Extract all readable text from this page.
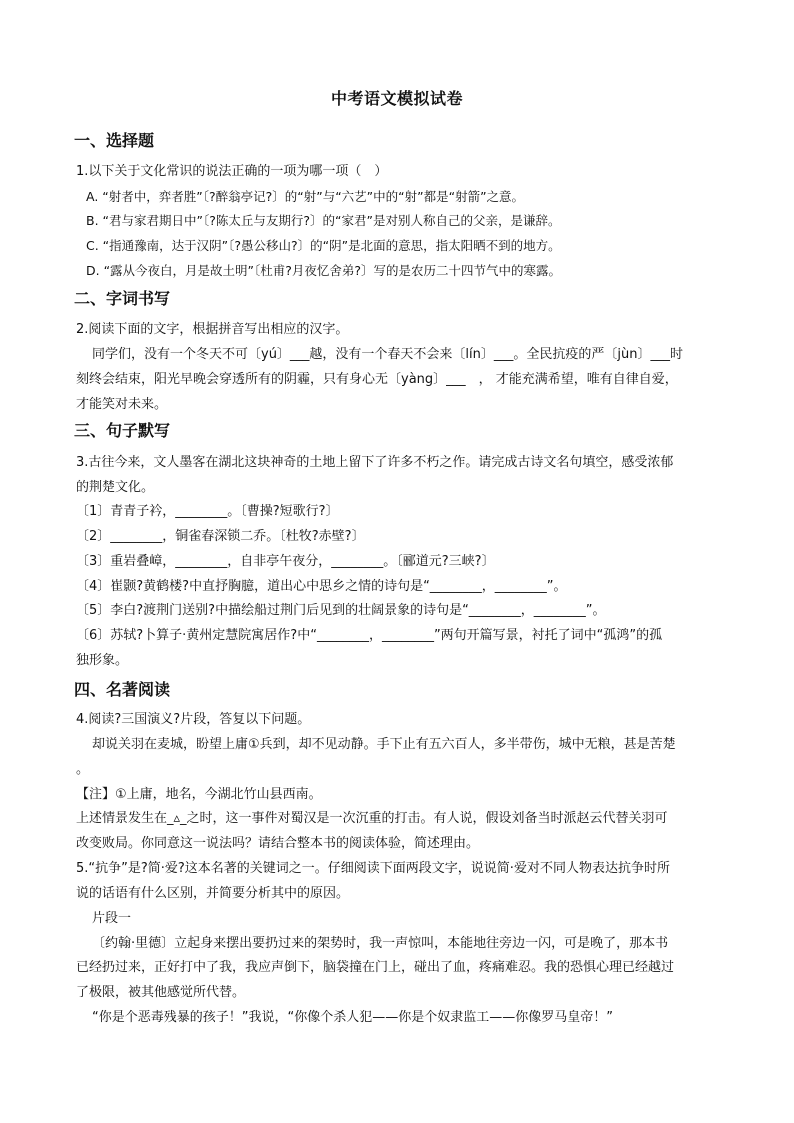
中考语文模拟试卷
一、选择题
1.以下关于文化常识的说法正确的一项为哪一项（　）
A. “射者中，弈者胜”〔?醉翁亭记?〕的“射”与“六艺”中的“射”都是“射箭”之意。
B. “君与家君期日中”〔?陈太丘与友期行?〕的“家君”是对别人称自己的父亲，是谦辞。
C. “指通豫南，达于汉阴”〔?愚公移山?〕的“阴”是北面的意思，指太阳晒不到的地方。
D. “露从今夜白，月是故土明”〔杜甫?月夜忆舍弟?〕写的是农历二十四节气中的寒露。
二、字词书写
2.阅读下面的文字，根据拼音写出相应的汉字。
同学们，没有一个冬天不可〔yú〕___越，没有一个春天不会来〔lín〕___。全民抗疫的严〔jùn〕___时
刻终会结束，阳光早晚会穿透所有的阴霾，只有身心无〔yàng〕___　， 才能充满希望，唯有自律自爱，
才能笑对未来。
三、句子默写
3.古往今来，文人墨客在湖北这块神奇的土地上留下了许多不朽之作。请完成古诗文名句填空，感受浓郁
的荆楚文化。
〔1〕青青子衿，________。〔曹操?短歌行?〕
〔2〕________，铜雀春深锁二乔。〔杜牧?赤壁?〕
〔3〕重岩叠嶂，________，自非亭午夜分，________。〔郦道元?三峡?〕
〔4〕崔颢?黄鹤楼?中直抒胸臆，道出心中思乡之情的诗句是“________，________”。
〔5〕李白?渡荆门送别?中描绘船过荆门后见到的壮阔景象的诗句是“________，________”。
〔6〕苏轼?卜算子·黄州定慧院寓居作?中“________，________”两句开篇写景，衬托了词中“孤鸿”的孤
独形象。
四、名著阅读
4.阅读?三国演义?片段，答复以下问题。
却说关羽在麦城，盼望上庸①兵到，却不见动静。手下止有五六百人，多半带伤，城中无粮，甚是苦楚
。
【注】①上庸，地名，今湖北竹山县西南。
上述情景发生在_▵_之时，这一事件对蜀汉是一次沉重的打击。有人说，假设刘备当时派赵云代替关羽可
改变败局。你同意这一说法吗？请结合整本书的阅读体验，简述理由。
5.“抗争”是?简·爱?这本名著的关键词之一。仔细阅读下面两段文字，说说简·爱对不同人物表达抗争时所
说的话语有什么区别，并简要分析其中的原因。
片段一
〔约翰·里德〕立起身来摆出要扔过来的架势时，我一声惊叫，本能地往旁边一闪，可是晚了，那本书
已经扔过来，正好打中了我，我应声倒下，脑袋撞在门上，碰出了血，疼痛难忍。我的恐惧心理已经越过
了极限，被其他感觉所代替。
“你是个恶毒残暴的孩子！”我说，“你像个杀人犯——你是个奴隶监工——你像罗马皇帝！”
